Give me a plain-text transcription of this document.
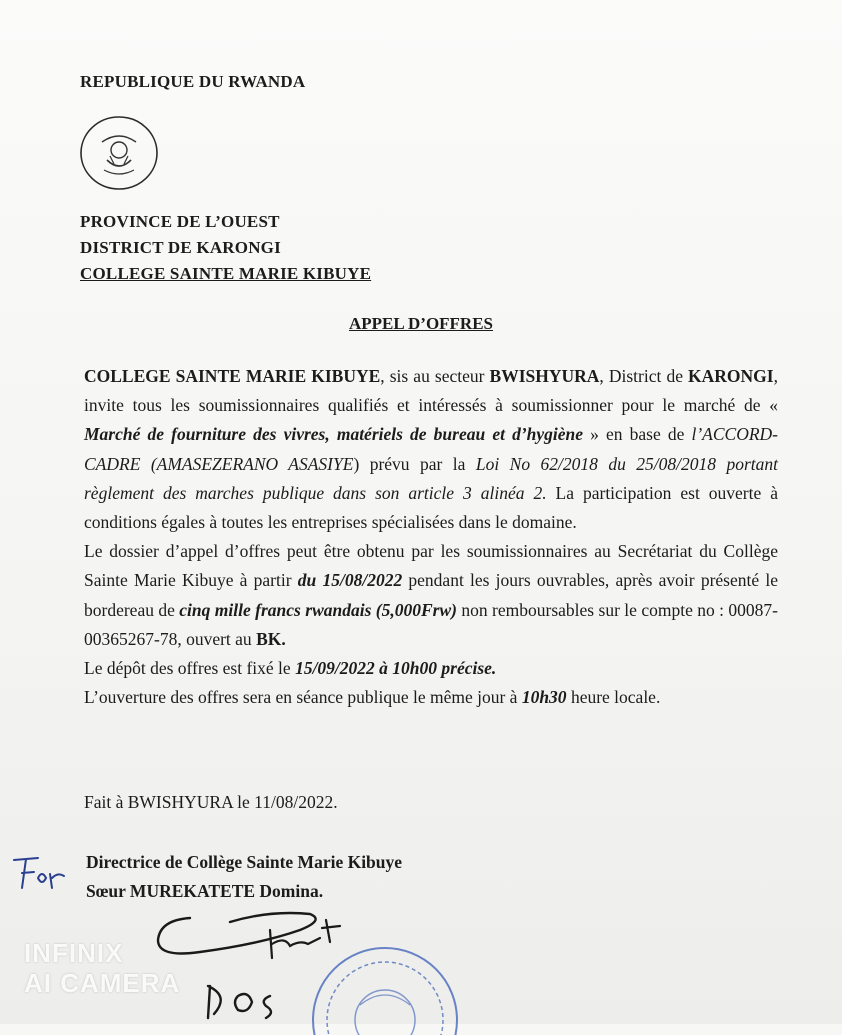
REPUBLIQUE DU RWANDA
PROVINCE DE L’OUEST
DISTRICT DE KARONGI
COLLEGE SAINTE MARIE KIBUYE
APPEL D’OFFRES

COLLEGE SAINTE MARIE KIBUYE, sis au secteur BWISHYURA, District de KARONGI, invite tous les soumissionnaires qualifiés et intéressés à soumissionner pour le marché de « Marché de fourniture des vivres, matériels de bureau et d’hygiène » en base de l’ACCORD-CADRE (AMASEZERANO ASASIYE) prévu par la Loi No 62/2018 du 25/08/2018 portant règlement des marches publique dans son article 3 alinéa 2. La participation est ouverte à conditions égales à toutes les entreprises spécialisées dans le domaine.

Le dossier d’appel d’offres peut être obtenu par les soumissionnaires au Secrétariat du Collège Sainte Marie Kibuye à partir du 15/08/2022 pendant les jours ouvrables, après avoir présenté le bordereau de cinq mille francs rwandais (5,000Frw) non remboursables sur le compte no : 00087-00365267-78, ouvert au BK.

Le dépôt des offres est fixé le 15/09/2022 à 10h00 précise.

L’ouverture des offres sera en séance publique le même jour à 10h30 heure locale.

Fait à BWISHYURA le 11/08/2022.
Directrice de Collège Sainte Marie Kibuye
Sœur MUREKATETE Domina.
INFINIX
AI CAMERA
